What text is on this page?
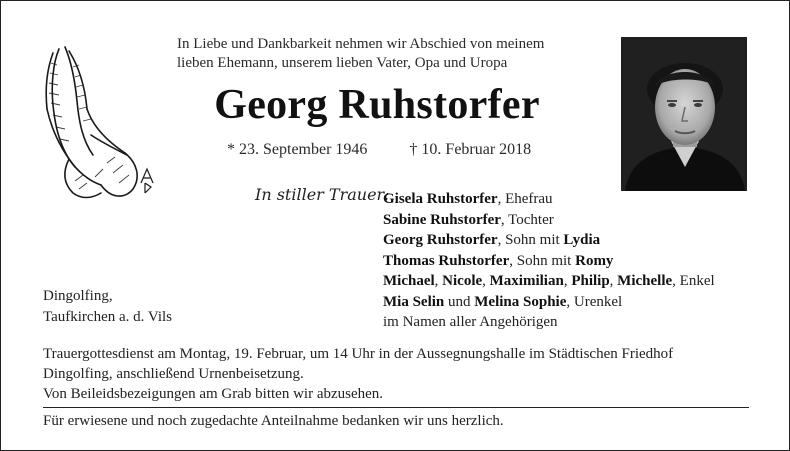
In Liebe und Dankbarkeit nehmen wir Abschied von meinem
lieben Ehemann, unserem lieben Vater, Opa und Uropa
Georg Ruhstorfer
* 23. September 1946	† 10. Februar 2018
In stiller Trauer:
Gisela Ruhstorfer, Ehefrau
Sabine Ruhstorfer, Tochter
Georg Ruhstorfer, Sohn mit Lydia
Thomas Ruhstorfer, Sohn mit Romy
Michael, Nicole, Maximilian, Philip, Michelle, Enkel
Mia Selin und Melina Sophie, Urenkel
im Namen aller Angehörigen
Dingolfing,
Taufkirchen a. d. Vils
Trauergottesdienst am Montag, 19. Februar, um 14 Uhr in der Aussegnungshalle im Städtischen Friedhof
Dingolfing, anschließend Urnenbeisetzung.
Von Beileidsbezeigungen am Grab bitten wir abzusehen.
Für erwiesene und noch zugedachte Anteilnahme bedanken wir uns herzlich.
